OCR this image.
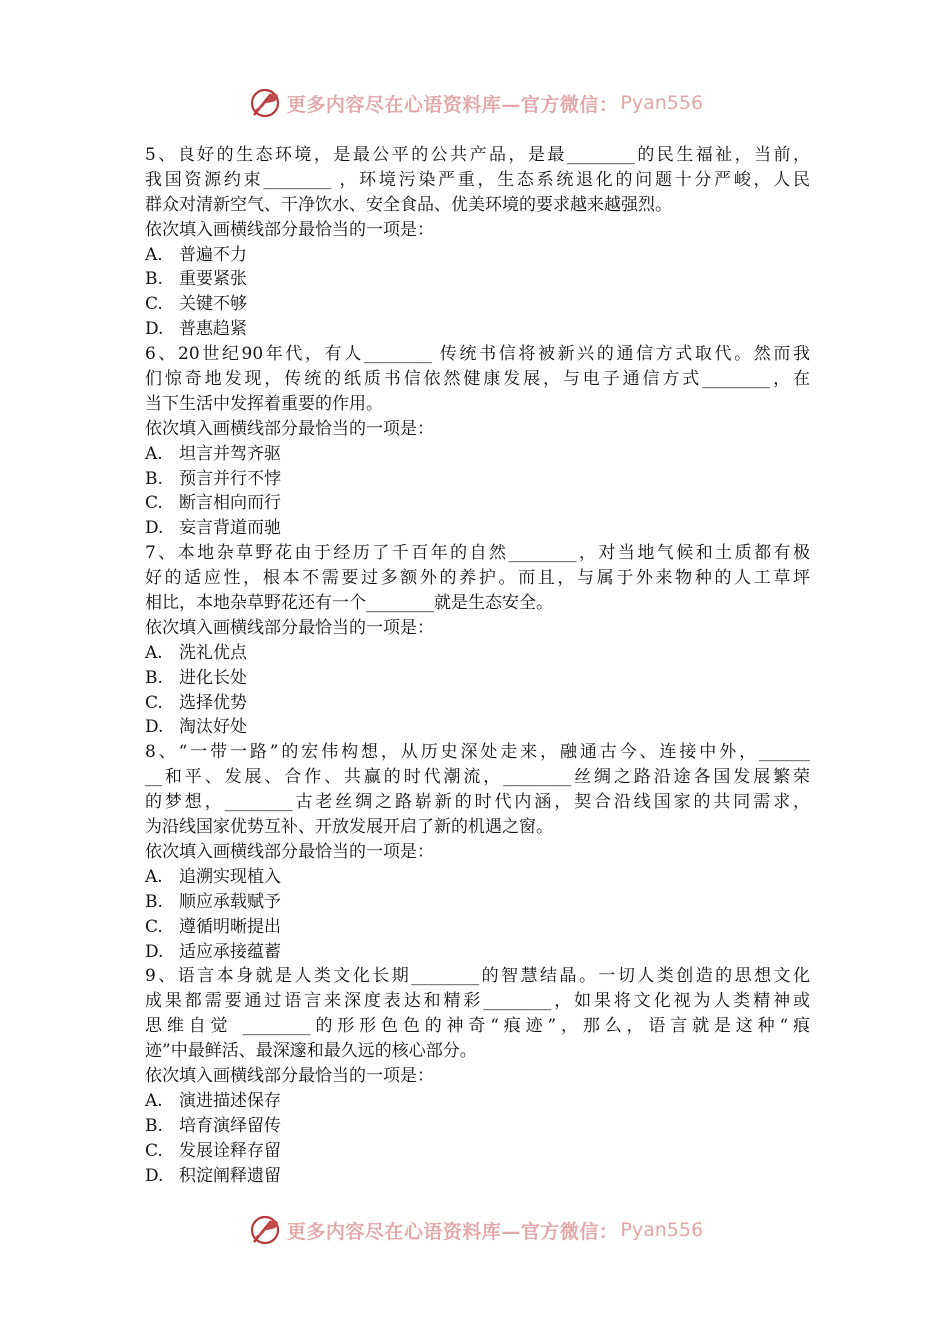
更多内容尽在心语资料库—官方微信： Pyan556
5、良好的生态环境，是最公平的公共产品，是最________的民生福祉，当前，
我国资源约束________ ，环境污染严重，生态系统退化的问题十分严峻，人民
群众对清新空气、干净饮水、安全食品、优美环境的要求越来越强烈。
依次填入画横线部分最恰当的一项是：
A. 普遍不力
B. 重要紧张
C. 关键不够
D. 普惠趋紧
6、20世纪90年代，有人________ 传统书信将被新兴的通信方式取代。然而我
们惊奇地发现，传统的纸质书信依然健康发展，与电子通信方式________，在
当下生活中发挥着重要的作用。
依次填入画横线部分最恰当的一项是：
A. 坦言并驾齐驱
B. 预言并行不悖
C. 断言相向而行
D. 妄言背道而驰
7、本地杂草野花由于经历了千百年的自然________，对当地气候和土质都有极
好的适应性，根本不需要过多额外的养护。而且，与属于外来物种的人工草坪
相比，本地杂草野花还有一个________就是生态安全。
依次填入画横线部分最恰当的一项是：
A. 洗礼优点
B. 进化长处
C. 选择优势
D. 淘汰好处
8、“一带一路”的宏伟构想，从历史深处走来，融通古今、连接中外，______
__和平、发展、合作、共赢的时代潮流，________丝绸之路沿途各国发展繁荣
的梦想，________古老丝绸之路崭新的时代内涵，契合沿线国家的共同需求，
为沿线国家优势互补、开放发展开启了新的机遇之窗。
依次填入画横线部分最恰当的一项是：
A. 追溯实现植入
B. 顺应承载赋予
C. 遵循明晰提出
D. 适应承接蕴蓄
9、语言本身就是人类文化长期________的智慧结晶。一切人类创造的思想文化
成果都需要通过语言来深度表达和精彩________，如果将文化视为人类精神或
思维自觉 ________的形形色色的神奇“痕迹”，那么，语言就是这种“痕
迹”中最鲜活、最深邃和最久远的核心部分。
依次填入画横线部分最恰当的一项是：
A. 演进描述保存
B. 培育演绎留传
C. 发展诠释存留
D. 积淀阐释遗留
更多内容尽在心语资料库—官方微信： Pyan556
